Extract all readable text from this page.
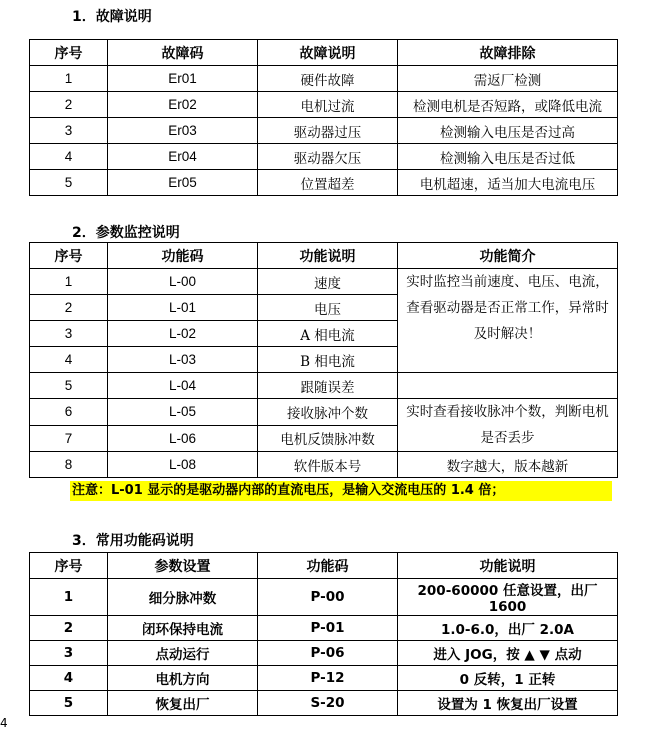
1．故障说明
序号	故障码	故障说明	故障排除
1	Er01	硬件故障	需返厂检测
2	Er02	电机过流	检测电机是否短路，或降低电流
3	Er03	驱动器过压	检测输入电压是否过高
4	Er04	驱动器欠压	检测输入电压是否过低
5	Er05	位置超差	电机超速，适当加大电流电压
2．参数监控说明
序号	功能码	功能说明	功能简介
1	L-00	速度	实时监控当前速度、电压、电流，查看驱动器是否正常工作，异常时及时解决！
2	L-01	电压	
3	L-02	A 相电流	
4	L-03	B 相电流	
5	L-04	跟随误差	
6	L-05	接收脉冲个数	实时查看接收脉冲个数，判断电机是否丢步
7	L-06	电机反馈脉冲数	
8	L-08	软件版本号	数字越大，版本越新
注意：L-01 显示的是驱动器内部的直流电压，是输入交流电压的 1.4 倍；
3．常用功能码说明
序号	参数设置	功能码	功能说明
1	细分脉冲数	P-00	200-60000 任意设置，出厂 1600
2	闭环保持电流	P-01	1.0-6.0，出厂 2.0A
3	点动运行	P-06	进入 JOG，按 ▲ ▼ 点动
4	电机方向	P-12	0 反转，1 正转
5	恢复出厂	S-20	设置为 1 恢复出厂设置
4
